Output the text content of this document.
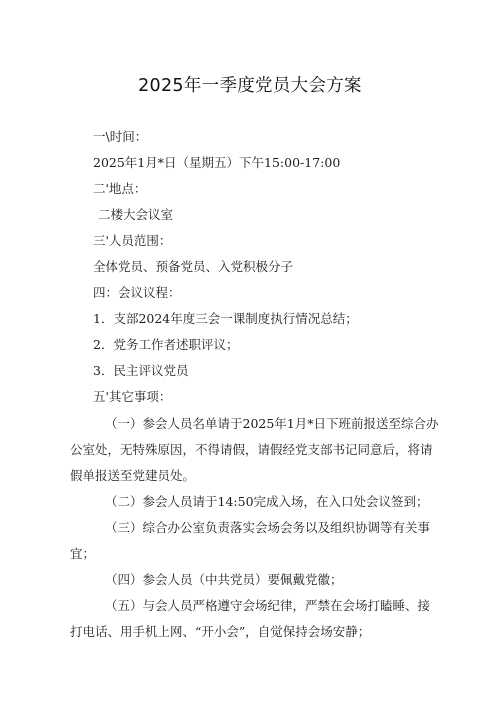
2025年一季度党员大会方案
一\时间：
2025年1月*日（星期五）下午15:00-17:00
二'地点：
二楼大会议室
三'人员范围：
全体党员、预备党员、入党积极分子
四：会议议程：
1．支部2024年度三会一课制度执行情况总结；
2．党务工作者述职评议；
3．民主评议党员
五'其它事项：
（一）参会人员名单请于2025年1月*日下班前报送至综合办
公室处，无特殊原因，不得请假，请假经党支部书记同意后，将请
假单报送至党建员处。
（二）参会人员请于14:50完成入场，在入口处会议签到；
（三）综合办公室负责落实会场会务以及组织协调等有关事
宜；
（四）参会人员（中共党员）要佩戴党徽；
（五）与会人员严格遵守会场纪律，严禁在会场打瞌睡、接
打电话、用手机上网、“开小会”，自觉保持会场安静；
